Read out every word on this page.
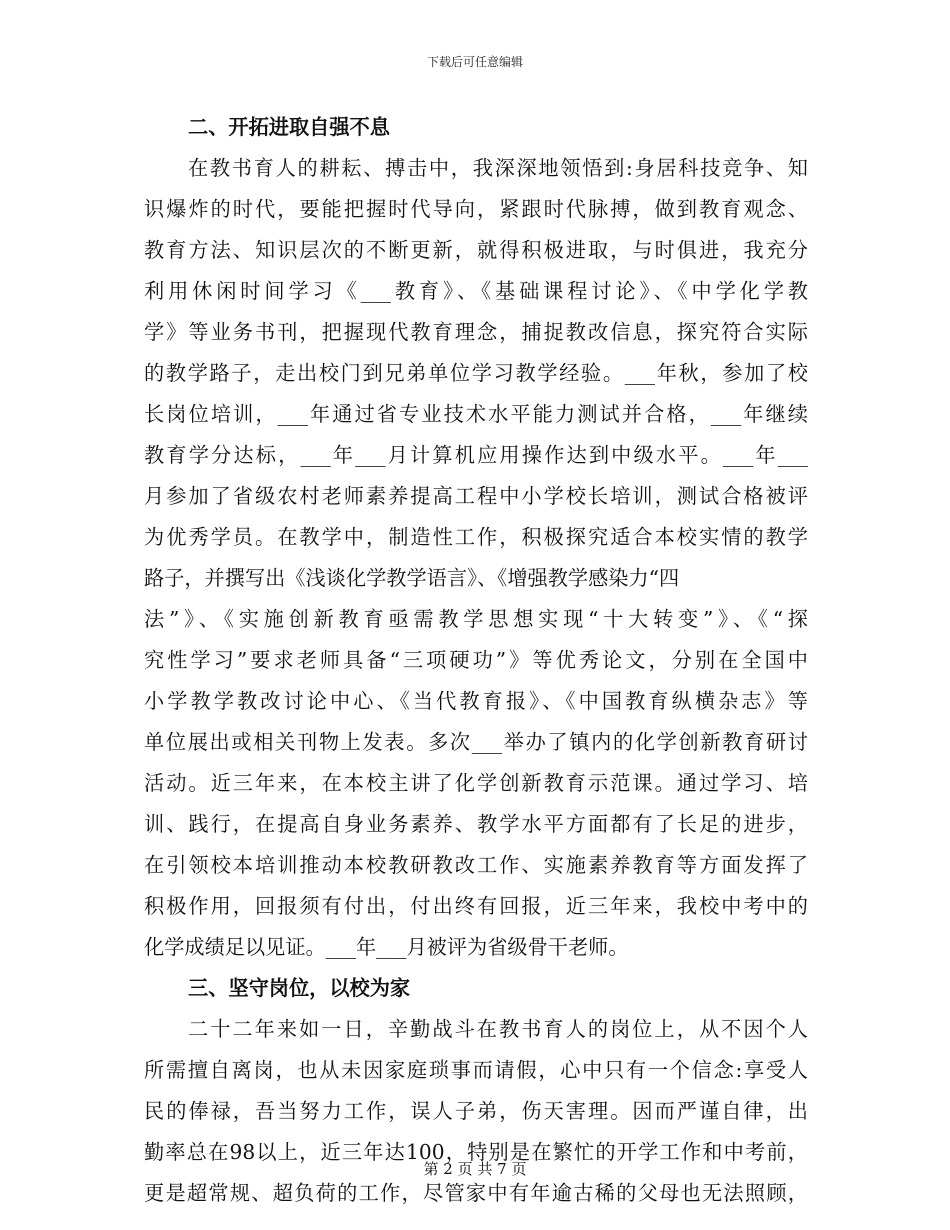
下载后可任意编辑
二、开拓进取自强不息
在教书育人的耕耘、搏击中，我深深地领悟到:身居科技竞争、知
识爆炸的时代，要能把握时代导向，紧跟时代脉搏，做到教育观念、
教育方法、知识层次的不断更新，就得积极进取，与时俱进，我充分
利用休闲时间学习《___教育》、《基础课程讨论》、《中学化学教
学》等业务书刊，把握现代教育理念，捕捉教改信息，探究符合实际
的教学路子，走出校门到兄弟单位学习教学经验。___年秋，参加了校
长岗位培训，___年通过省专业技术水平能力测试并合格，___年继续
教育学分达标，___年___月计算机应用操作达到中级水平。___年___
月参加了省级农村老师素养提高工程中小学校长培训，测试合格被评
为优秀学员。在教学中，制造性工作，积极探究适合本校实情的教学
路子，并撰写出《浅谈化学教学语言》、《增强教学感染力“四
法”》、《实施创新教育亟需教学思想实现“十大转变”》、《“探
究性学习”要求老师具备“三项硬功”》等优秀论文，分别在全国中
小学教学教改讨论中心、《当代教育报》、《中国教育纵横杂志》等
单位展出或相关刊物上发表。多次___举办了镇内的化学创新教育研讨
活动。近三年来，在本校主讲了化学创新教育示范课。通过学习、培
训、践行，在提高自身业务素养、教学水平方面都有了长足的进步，
在引领校本培训推动本校教研教改工作、实施素养教育等方面发挥了
积极作用，回报须有付出，付出终有回报，近三年来，我校中考中的
化学成绩足以见证。___年___月被评为省级骨干老师。
三、坚守岗位，以校为家
二十二年来如一日，辛勤战斗在教书育人的岗位上，从不因个人
所需擅自离岗，也从未因家庭琐事而请假，心中只有一个信念:享受人
民的俸禄，吾当努力工作，误人子弟，伤天害理。因而严谨自律，出
勤率总在98以上，近三年达100，特别是在繁忙的开学工作和中考前，
更是超常规、超负荷的工作，尽管家中有年逾古稀的父母也无法照顾，
第 2 页 共 7 页
